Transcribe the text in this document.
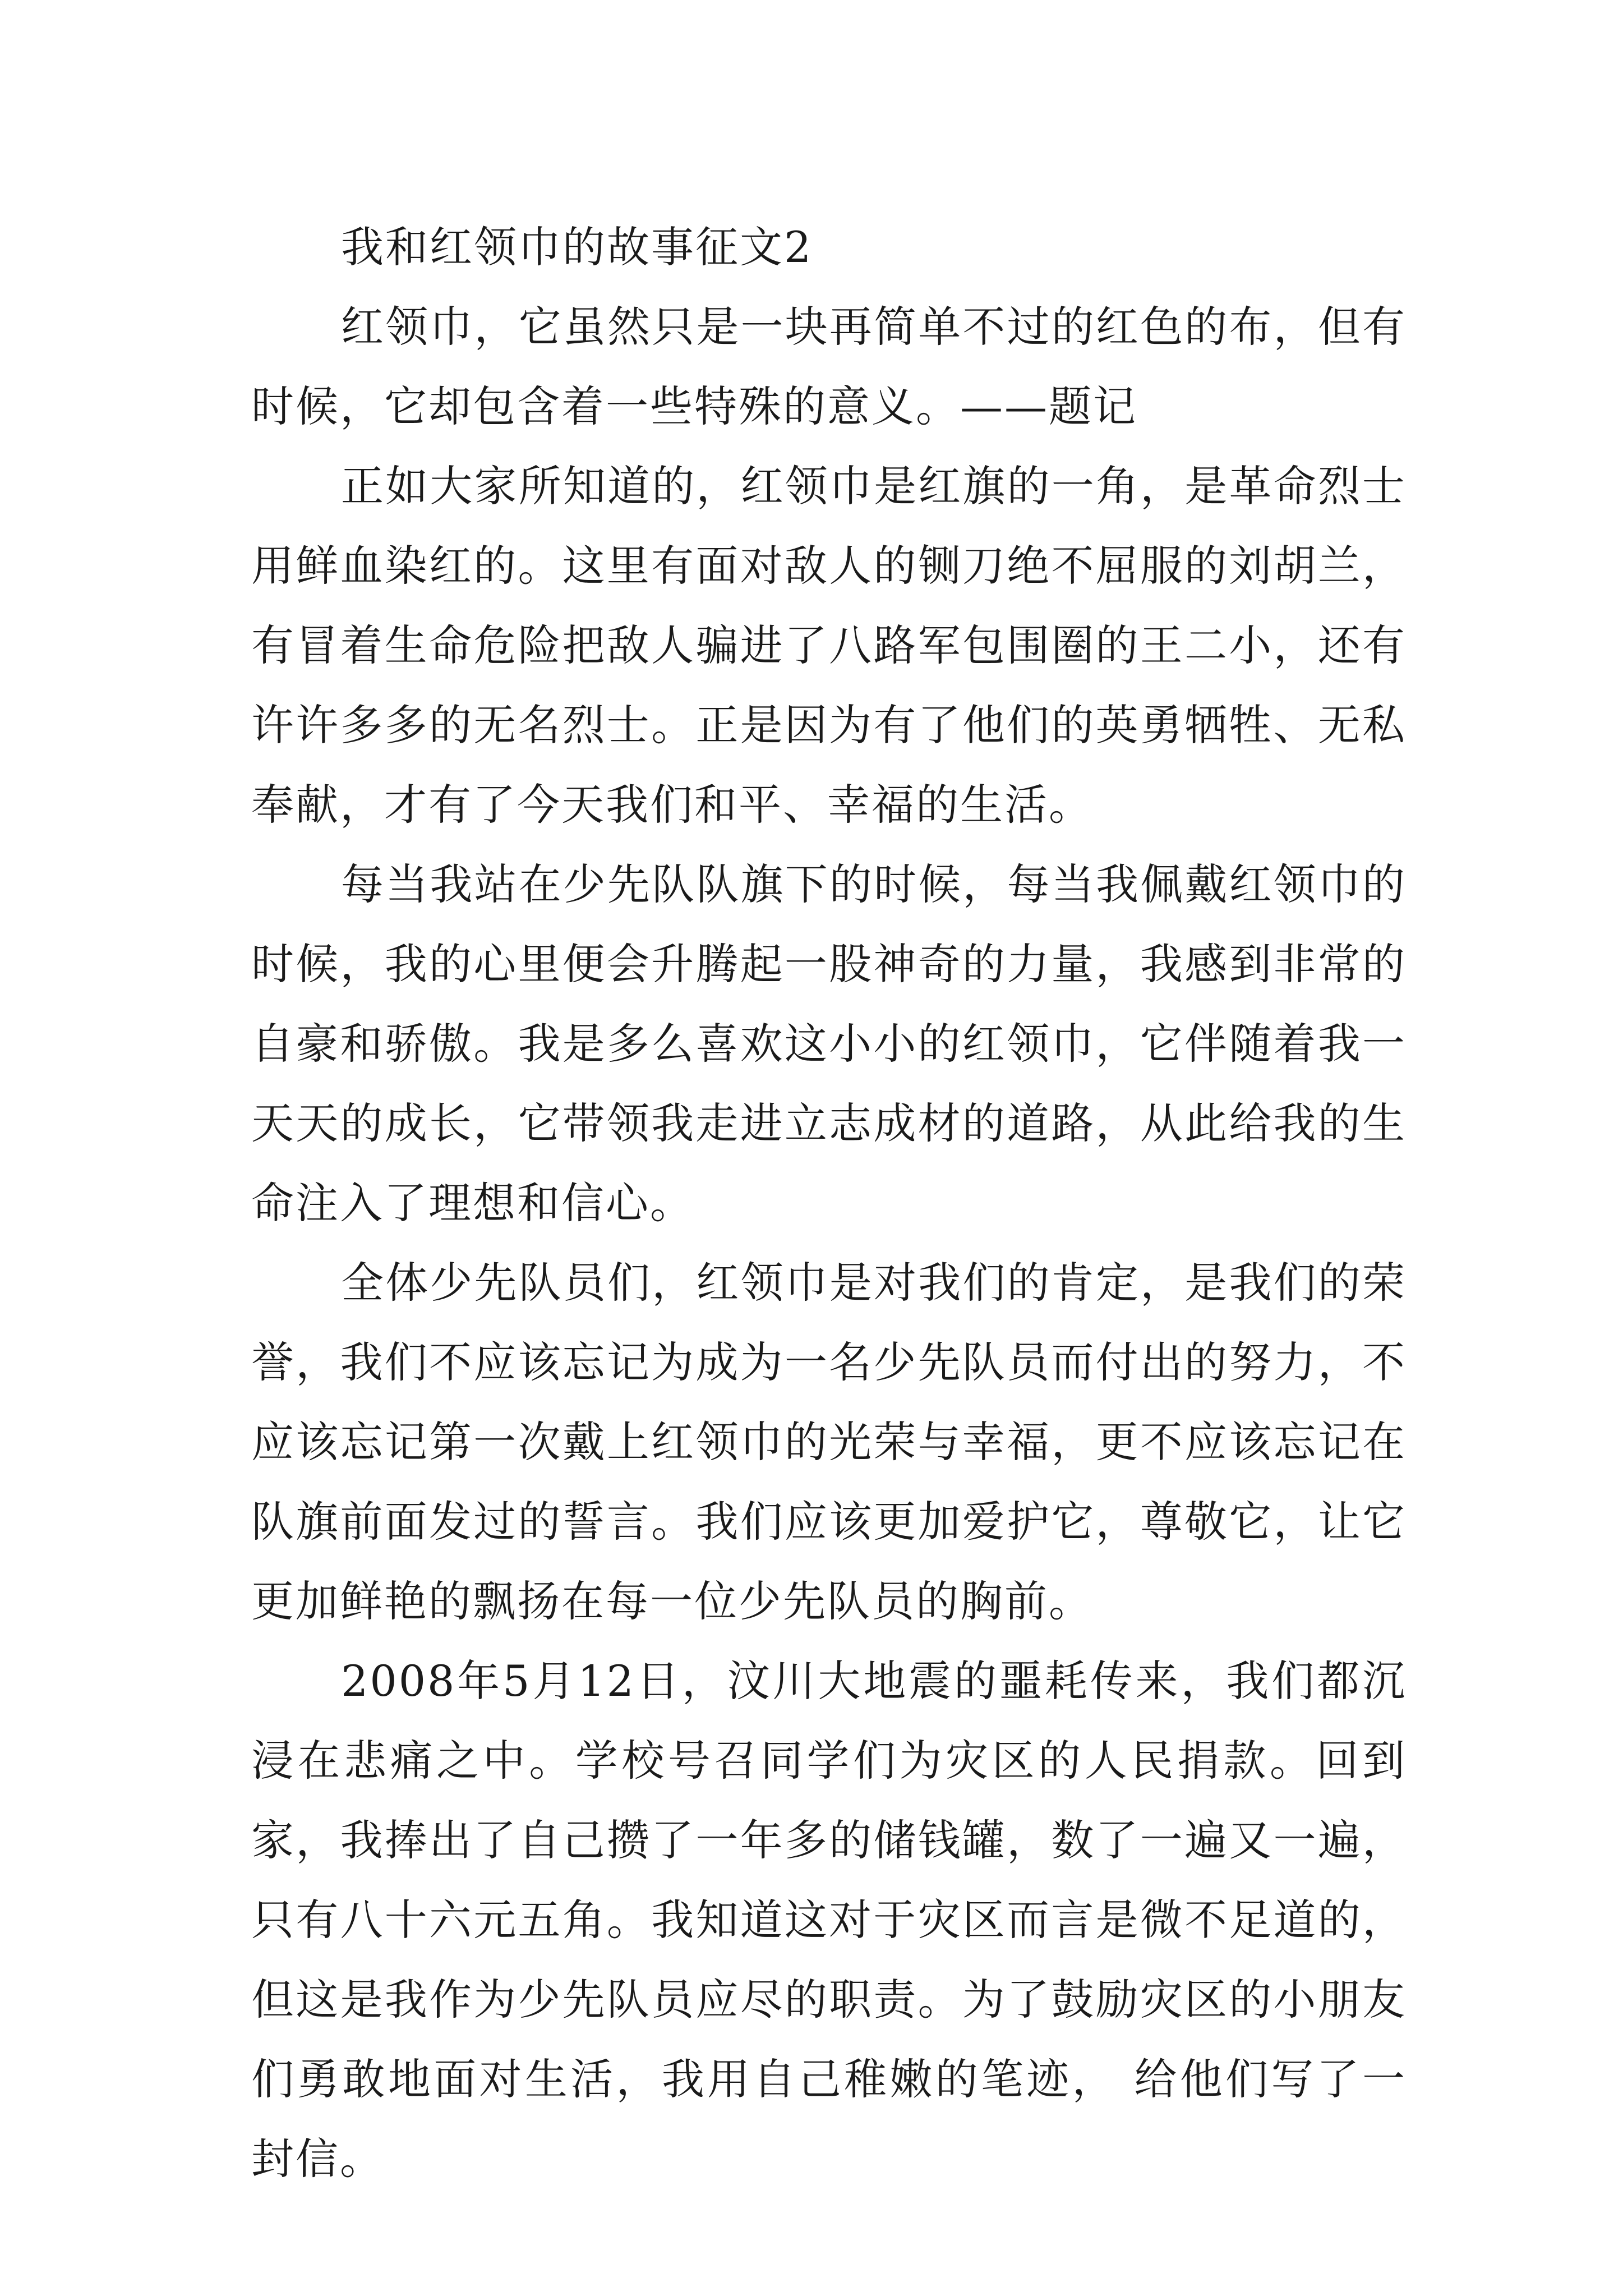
我和红领巾的故事征文2

红领巾，它虽然只是一块再简单不过的红色的布，但有时候，它却包含着一些特殊的意义。——题记

正如大家所知道的，红领巾是红旗的一角，是革命烈士用鲜血染红的。这里有面对敌人的铡刀绝不屈服的刘胡兰，有冒着生命危险把敌人骗进了八路军包围圈的王二小，还有许许多多的无名烈士。正是因为有了他们的英勇牺牲、无私奉献，才有了今天我们和平、幸福的生活。

每当我站在少先队队旗下的时候，每当我佩戴红领巾的时候，我的心里便会升腾起一股神奇的力量，我感到非常的自豪和骄傲。我是多么喜欢这小小的红领巾，它伴随着我一天天的成长，它带领我走进立志成材的道路，从此给我的生命注入了理想和信心。

全体少先队员们，红领巾是对我们的肯定，是我们的荣誉，我们不应该忘记为成为一名少先队员而付出的努力，不应该忘记第一次戴上红领巾的光荣与幸福，更不应该忘记在队旗前面发过的誓言。我们应该更加爱护它，尊敬它，让它更加鲜艳的飘扬在每一位少先队员的胸前。

2008年5月12日，汶川大地震的噩耗传来，我们都沉浸在悲痛之中。学校号召同学们为灾区的人民捐款。回到家，我捧出了自己攒了一年多的储钱罐，数了一遍又一遍，只有八十六元五角。我知道这对于灾区而言是微不足道的，但这是我作为少先队员应尽的职责。为了鼓励灾区的小朋友们勇敢地面对生活，我用自己稚嫩的笔迹， 给他们写了一封信。
